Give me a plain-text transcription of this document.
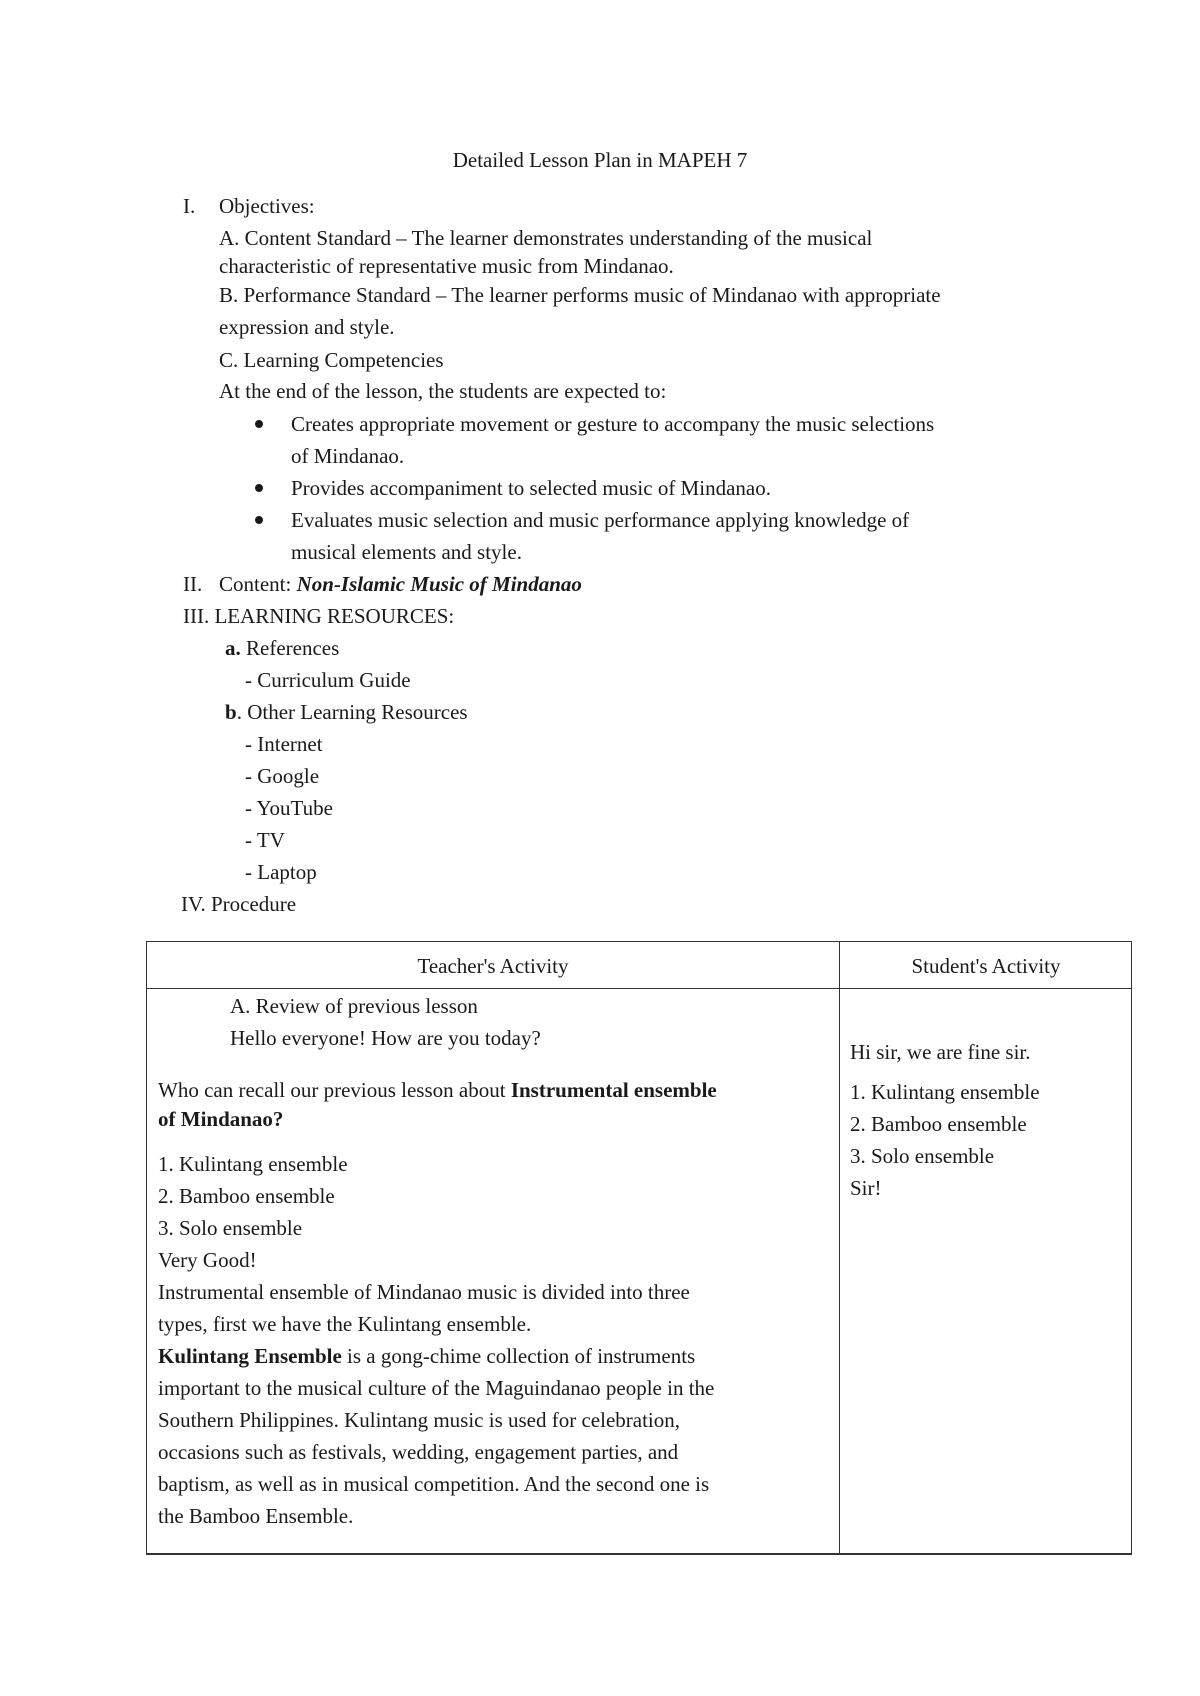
Detailed Lesson Plan in MAPEH 7
I. Objectives:
A. Content Standard – The learner demonstrates understanding of the musical
characteristic of representative music from Mindanao.
B. Performance Standard – The learner performs music of Mindanao with appropriate
expression and style.
C. Learning Competencies
At the end of the lesson, the students are expected to:
Creates appropriate movement or gesture to accompany the music selections
of Mindanao.
Provides accompaniment to selected music of Mindanao.
Evaluates music selection and music performance applying knowledge of
musical elements and style.
II. Content: Non-Islamic Music of Mindanao
III. LEARNING RESOURCES:
a. References
- Curriculum Guide
b. Other Learning Resources
- Internet
- Google
- YouTube
- TV
- Laptop
IV. Procedure
Teacher's Activity	Student's Activity
A. Review of previous lesson
Hello everyone! How are you today?
Who can recall our previous lesson about Instrumental ensemble
of Mindanao?
1. Kulintang ensemble
2. Bamboo ensemble
3. Solo ensemble
Very Good!
Instrumental ensemble of Mindanao music is divided into three
types, first we have the Kulintang ensemble.
Kulintang Ensemble is a gong-chime collection of instruments
important to the musical culture of the Maguindanao people in the
Southern Philippines. Kulintang music is used for celebration,
occasions such as festivals, wedding, engagement parties, and
baptism, as well as in musical competition. And the second one is
the Bamboo Ensemble.
Hi sir, we are fine sir.
1. Kulintang ensemble
2. Bamboo ensemble
3. Solo ensemble
Sir!
